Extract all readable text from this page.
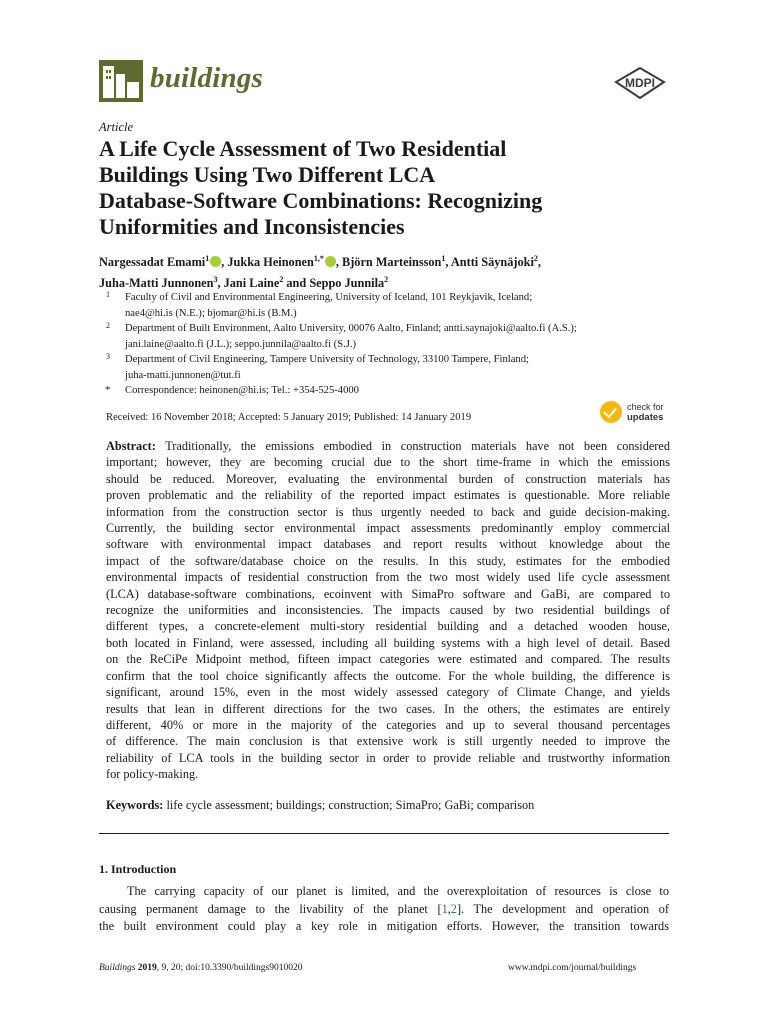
buildings	MDPI
Article
A Life Cycle Assessment of Two Residential
Buildings Using Two Different LCA
Database-Software Combinations: Recognizing
Uniformities and Inconsistencies
Nargessadat Emami$^1$ , Jukka Heinonen$^{1,*}$ , Björn Marteinsson$^1$, Antti Säynäjoki$^2$,
Juha-Matti Junnonen$^3$, Jani Laine$^2$ and Seppo Junnila$^2$
1 Faculty of Civil and Environmental Engineering, University of Iceland, 101 Reykjavik, Iceland;
nae4@hi.is (N.E.); bjomar@hi.is (B.M.)
2 Department of Built Environment, Aalto University, 00076 Aalto, Finland; antti.saynajoki@aalto.fi (A.S.);
jani.laine@aalto.fi (J.L.); seppo.junnila@aalto.fi (S.J.)
3 Department of Civil Engineering, Tampere University of Technology, 33100 Tampere, Finland;
juha-matti.junnonen@tut.fi
* Correspondence: heinonen@hi.is; Tel.: +354-525-4000
Received: 16 November 2018; Accepted: 5 January 2019; Published: 14 January 2019
check for
updates
Abstract: Traditionally, the emissions embodied in construction materials have not been considered
important; however, they are becoming crucial due to the short time-frame in which the emissions
should be reduced. Moreover, evaluating the environmental burden of construction materials has
proven problematic and the reliability of the reported impact estimates is questionable. More reliable
information from the construction sector is thus urgently needed to back and guide decision-making.
Currently, the building sector environmental impact assessments predominantly employ commercial
software with environmental impact databases and report results without knowledge about the
impact of the software/database choice on the results. In this study, estimates for the embodied
environmental impacts of residential construction from the two most widely used life cycle assessment
(LCA) database-software combinations, ecoinvent with SimaPro software and GaBi, are compared to
recognize the uniformities and inconsistencies. The impacts caused by two residential buildings of
different types, a concrete-element multi-story residential building and a detached wooden house,
both located in Finland, were assessed, including all building systems with a high level of detail. Based
on the ReCiPe Midpoint method, fifteen impact categories were estimated and compared. The results
confirm that the tool choice significantly affects the outcome. For the whole building, the difference is
significant, around 15%, even in the most widely assessed category of Climate Change, and yields
results that lean in different directions for the two cases. In the others, the estimates are entirely
different, 40% or more in the majority of the categories and up to several thousand percentages
of difference. The main conclusion is that extensive work is still urgently needed to improve the
reliability of LCA tools in the building sector in order to provide reliable and trustworthy information
for policy-making.
Keywords: life cycle assessment; buildings; construction; SimaPro; GaBi; comparison
1. Introduction
The carrying capacity of our planet is limited, and the overexploitation of resources is close to
causing permanent damage to the livability of the planet [1,2]. The development and operation of
the built environment could play a key role in mitigation efforts. However, the transition towards
Buildings 2019, 9, 20; doi:10.3390/buildings9010020	www.mdpi.com/journal/buildings
